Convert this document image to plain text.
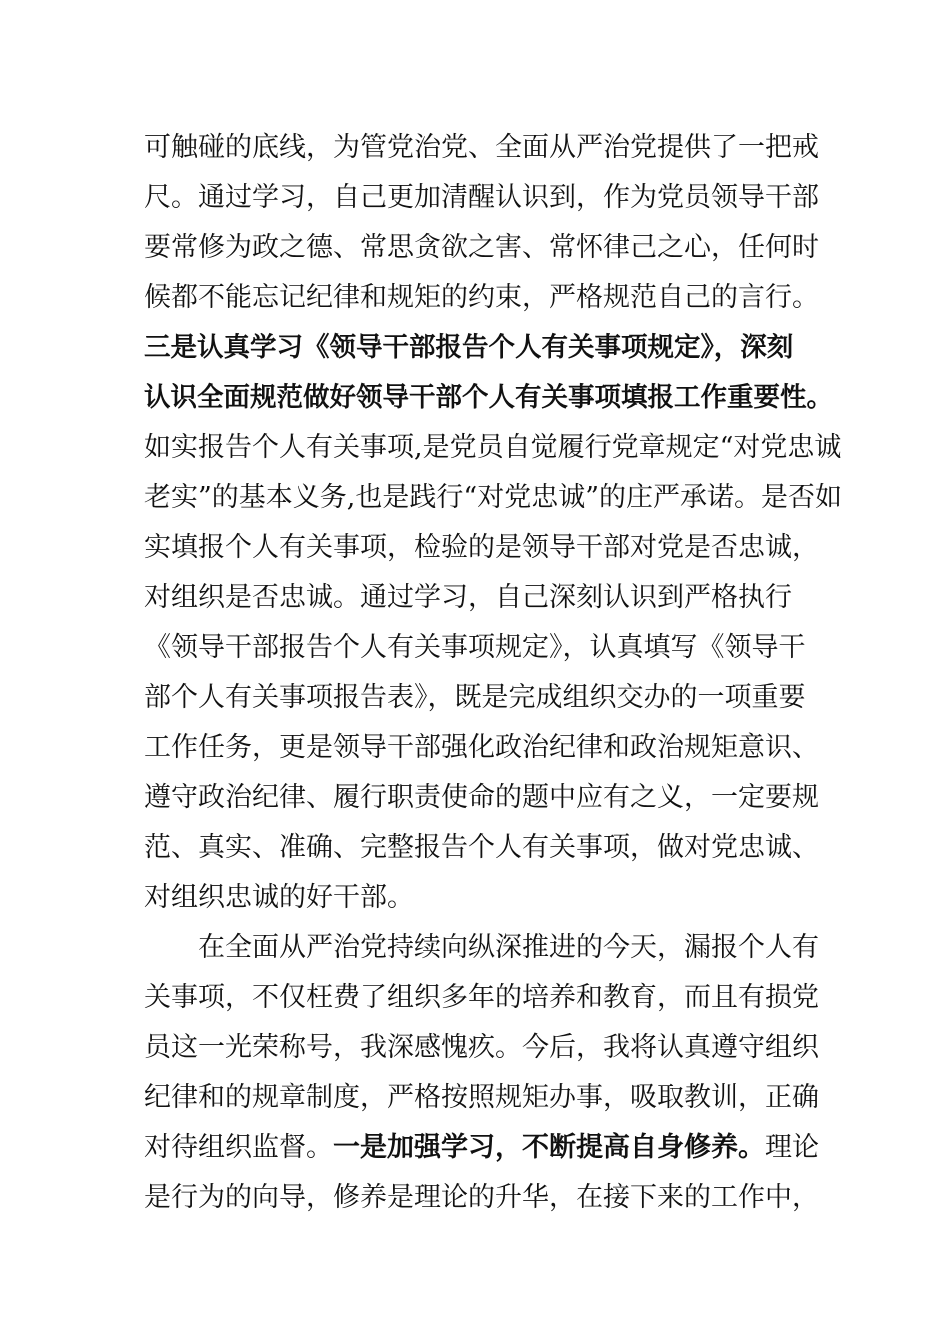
可触碰的底线，为管党治党、全面从严治党提供了一把戒
尺。通过学习，自己更加清醒认识到，作为党员领导干部
要常修为政之德、常思贪欲之害、常怀律己之心，任何时
候都不能忘记纪律和规矩的约束，严格规范自己的言行。
三是认真学习《领导干部报告个人有关事项规定》，深刻
认识全面规范做好领导干部个人有关事项填报工作重要性。
如实报告个人有关事项,是党员自觉履行党章规定“对党忠诚
老实”的基本义务,也是践行“对党忠诚”的庄严承诺。是否如
实填报个人有关事项，检验的是领导干部对党是否忠诚，
对组织是否忠诚。通过学习，自己深刻认识到严格执行
《领导干部报告个人有关事项规定》，认真填写《领导干
部个人有关事项报告表》，既是完成组织交办的一项重要
工作任务，更是领导干部强化政治纪律和政治规矩意识、
遵守政治纪律、履行职责使命的题中应有之义，一定要规
范、真实、准确、完整报告个人有关事项，做对党忠诚、
对组织忠诚的好干部。
在全面从严治党持续向纵深推进的今天，漏报个人有
关事项，不仅枉费了组织多年的培养和教育，而且有损党
员这一光荣称号，我深感愧疚。今后，我将认真遵守组织
纪律和的规章制度，严格按照规矩办事，吸取教训，正确
对待组织监督。一是加强学习，不断提高自身修养。理论
是行为的向导，修养是理论的升华，在接下来的工作中，
